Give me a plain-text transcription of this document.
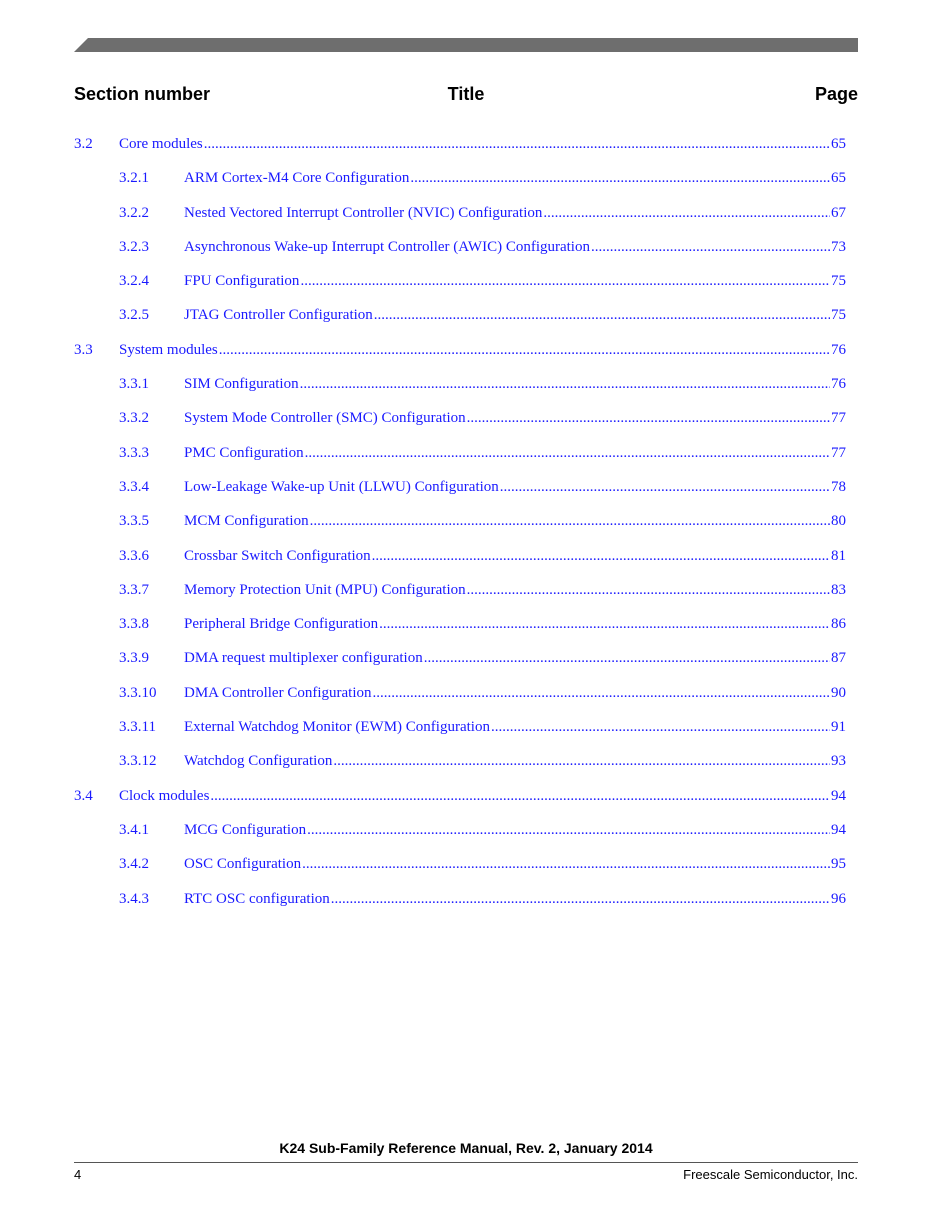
Section number	Title	Page
3.2 Core modules .....	65
3.2.1 ARM Cortex-M4 Core Configuration .....	65
3.2.2 Nested Vectored Interrupt Controller (NVIC) Configuration .....	67
3.2.3 Asynchronous Wake-up Interrupt Controller (AWIC) Configuration .....	73
3.2.4 FPU Configuration .....	75
3.2.5 JTAG Controller Configuration .....	75
3.3 System modules .....	76
3.3.1 SIM Configuration .....	76
3.3.2 System Mode Controller (SMC) Configuration .....	77
3.3.3 PMC Configuration .....	77
3.3.4 Low-Leakage Wake-up Unit (LLWU) Configuration .....	78
3.3.5 MCM Configuration .....	80
3.3.6 Crossbar Switch Configuration .....	81
3.3.7 Memory Protection Unit (MPU) Configuration .....	83
3.3.8 Peripheral Bridge Configuration .....	86
3.3.9 DMA request multiplexer configuration .....	87
3.3.10 DMA Controller Configuration .....	90
3.3.11 External Watchdog Monitor (EWM) Configuration .....	91
3.3.12 Watchdog Configuration .....	93
3.4 Clock modules .....	94
3.4.1 MCG Configuration .....	94
3.4.2 OSC Configuration .....	95
3.4.3 RTC OSC configuration .....	96
K24 Sub-Family Reference Manual, Rev. 2, January 2014
4	Freescale Semiconductor, Inc.
